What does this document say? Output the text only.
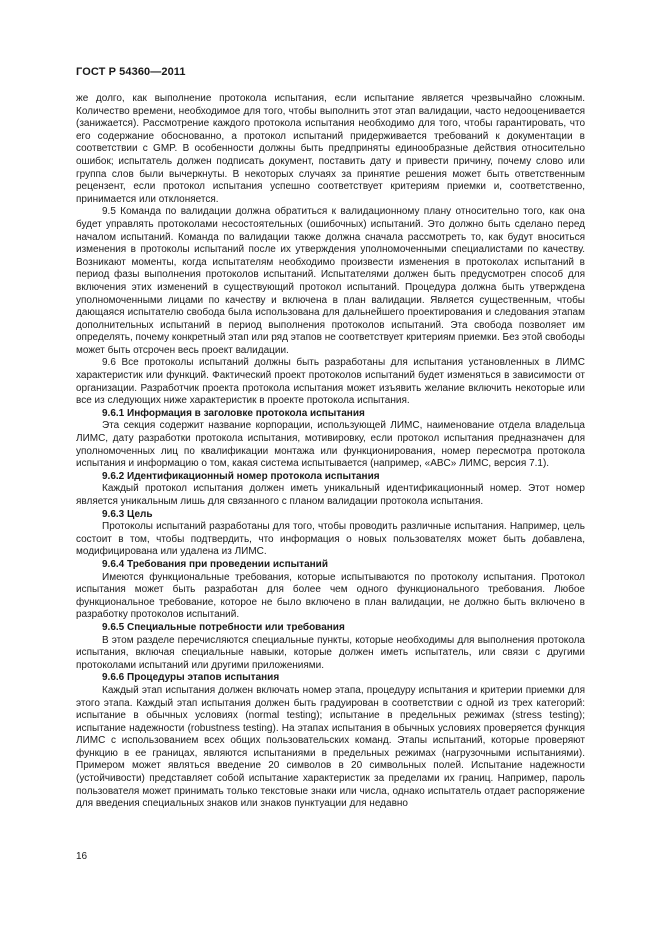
ГОСТ Р 54360—2011

же долго, как выполнение протокола испытания, если испытание является чрезвычайно сложным. Количество времени, необходимое для того, чтобы выполнить этот этап валидации, часто недооценивается (занижается). Рассмотрение каждого протокола испытания необходимо для того, чтобы гарантировать, что его содержание обоснованно, а протокол испытаний придерживается требований к документации в соответствии с GMP. В особенности должны быть предприняты единообразные действия относительно ошибок; испытатель должен подписать документ, поставить дату и привести причину, почему слово или группа слов были вычеркнуты. В некоторых случаях за принятие решения может быть ответственным рецензент, если протокол испытания успешно соответствует критериям приемки и, соответственно, принимается или отклоняется.

9.5 Команда по валидации должна обратиться к валидационному плану относительно того, как она будет управлять протоколами несостоятельных (ошибочных) испытаний. Это должно быть сделано перед началом испытаний. Команда по валидации также должна сначала рассмотреть то, как будут вноситься изменения в протоколы испытаний после их утверждения уполномоченными специалистами по качеству. Возникают моменты, когда испытателям необходимо произвести изменения в протоколах испытаний в период фазы выполнения протоколов испытаний. Испытателями должен быть предусмотрен способ для включения этих изменений в существующий протокол испытаний. Процедура должна быть утверждена уполномоченными лицами по качеству и включена в план валидации. Является существенным, чтобы дающаяся испытателю свобода была использована для дальнейшего проектирования и следования этапам дополнительных испытаний в период выполнения протоколов испытаний. Эта свобода позволяет им определять, почему конкретный этап или ряд этапов не соответствует критериям приемки. Без этой свободы может быть отсрочен весь проект валидации.

9.6 Все протоколы испытаний должны быть разработаны для испытания установленных в ЛИМС характеристик или функций. Фактический проект протоколов испытаний будет изменяться в зависимости от организации. Разработчик проекта протокола испытания может изъявить желание включить некоторые или все из следующих ниже характеристик в проекте протокола испытания.

9.6.1 Информация в заголовке протокола испытания

Эта секция содержит название корпорации, использующей ЛИМС, наименование отдела владельца ЛИМС, дату разработки протокола испытания, мотивировку, если протокол испытания предназначен для уполномоченных лиц по квалификации монтажа или функционирования, номер пересмотра протокола испытания и информацию о том, какая система испытывается (например, «ABC» ЛИМС, версия 7.1).

9.6.2 Идентификационный номер протокола испытания

Каждый протокол испытания должен иметь уникальный идентификационный номер. Этот номер является уникальным лишь для связанного с планом валидации протокола испытания.

9.6.3 Цель

Протоколы испытаний разработаны для того, чтобы проводить различные испытания. Например, цель состоит в том, чтобы подтвердить, что информация о новых пользователях может быть добавлена, модифицирована или удалена из ЛИМС.

9.6.4 Требования при проведении испытаний

Имеются функциональные требования, которые испытываются по протоколу испытания. Протокол испытания может быть разработан для более чем одного функционального требования. Любое функциональное требование, которое не было включено в план валидации, не должно быть включено в разработку протоколов испытаний.

9.6.5 Специальные потребности или требования

В этом разделе перечисляются специальные пункты, которые необходимы для выполнения протокола испытания, включая специальные навыки, которые должен иметь испытатель, или связи с другими протоколами испытаний или другими приложениями.

9.6.6 Процедуры этапов испытания

Каждый этап испытания должен включать номер этапа, процедуру испытания и критерии приемки для этого этапа. Каждый этап испытания должен быть градуирован в соответствии с одной из трех категорий: испытание в обычных условиях (normal testing); испытание в предельных режимах (stress testing); испытание надежности (robustness testing). На этапах испытания в обычных условиях проверяется функция ЛИМС с использованием всех общих пользовательских команд. Этапы испытаний, которые проверяют функцию в ее границах, являются испытаниями в предельных режимах (нагрузочными испытаниями). Примером может являться введение 20 символов в 20 символьных полей. Испытание надежности (устойчивости) представляет собой испытание характеристик за пределами их границ. Например, пароль пользователя может принимать только текстовые знаки или числа, однако испытатель отдает распоряжение для введения специальных знаков или знаков пунктуации для недавно

16
